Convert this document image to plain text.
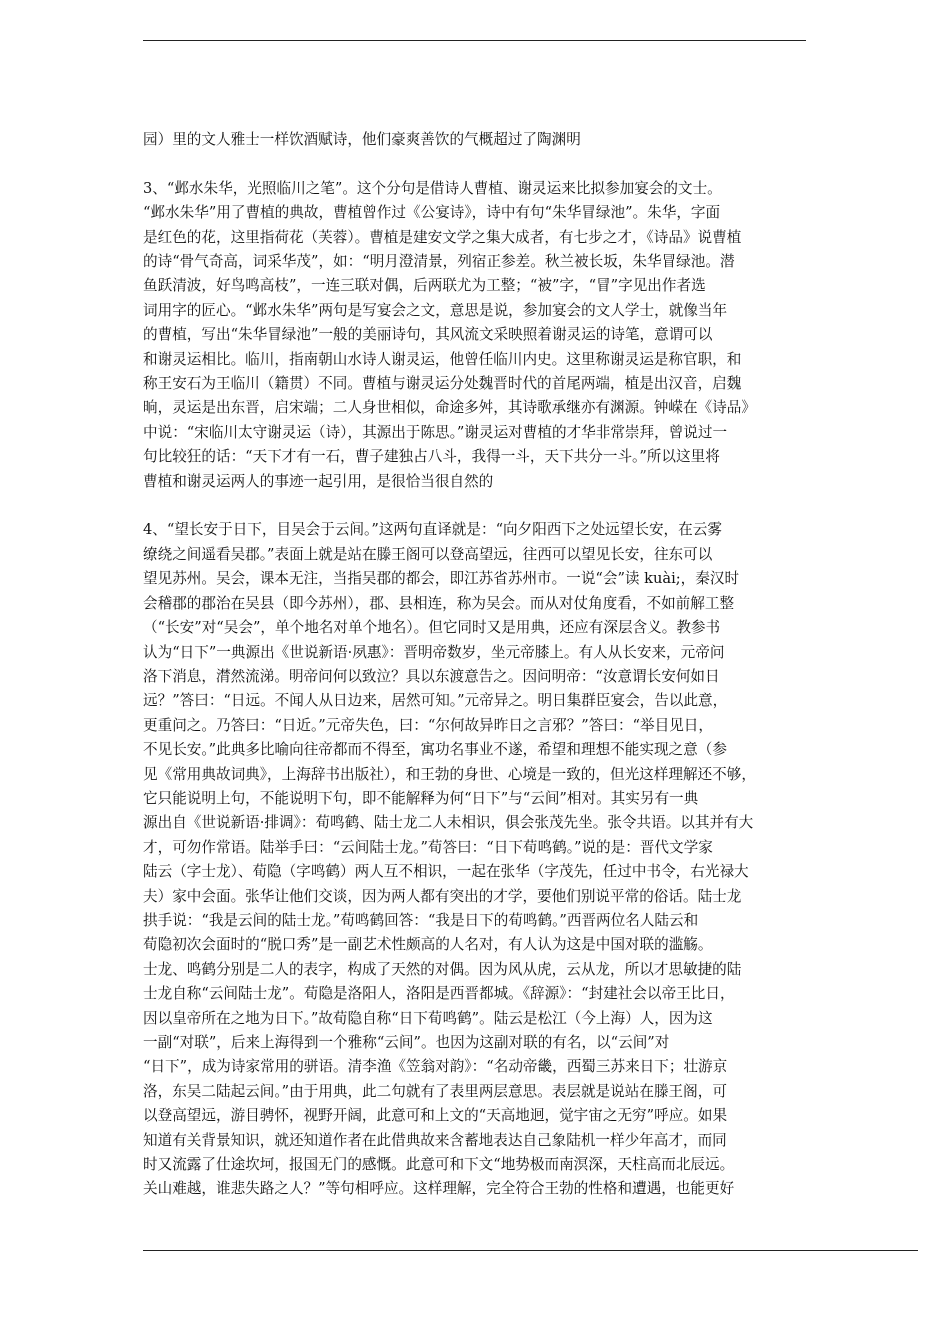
园）里的文人雅士一样饮酒赋诗，他们豪爽善饮的气概超过了陶渊明
3、“邺水朱华，光照临川之笔”。这个分句是借诗人曹植、谢灵运来比拟参加宴会的文士。
“邺水朱华”用了曹植的典故，曹植曾作过《公宴诗》，诗中有句“朱华冒绿池”。朱华，字面
是红色的花，这里指荷花（芙蓉）。曹植是建安文学之集大成者，有七步之才，《诗品》说曹植
的诗“骨气奇高，词采华茂”，如：“明月澄清景，列宿正参差。秋兰被长坂，朱华冒绿池。潜
鱼跃清波，好鸟鸣高枝”，一连三联对偶，后两联尤为工整；“被”字，“冒”字见出作者选
词用字的匠心。“邺水朱华”两句是写宴会之文，意思是说，参加宴会的文人学士，就像当年
的曹植，写出“朱华冒绿池”一般的美丽诗句，其风流文采映照着谢灵运的诗笔，意谓可以
和谢灵运相比。临川，指南朝山水诗人谢灵运，他曾任临川内史。这里称谢灵运是称官职，和
称王安石为王临川（籍贯）不同。曹植与谢灵运分处魏晋时代的首尾两端，植是出汉音，启魏
晌，灵运是出东晋，启宋端；二人身世相似，命途多舛，其诗歌承继亦有渊源。钟嵘在《诗品》
中说：“宋临川太守谢灵运（诗），其源出于陈思。”谢灵运对曹植的才华非常崇拜，曾说过一
句比较狂的话：“天下才有一石，曹子建独占八斗，我得一斗，天下共分一斗。”所以这里将
曹植和谢灵运两人的事迹一起引用，是很恰当很自然的
4、“望长安于日下，目吴会于云间。”这两句直译就是：“向夕阳西下之处远望长安，在云雾
缭绕之间遥看吴郡。”表面上就是站在滕王阁可以登高望远，往西可以望见长安，往东可以
望见苏州。吴会，课本无注，当指吴郡的都会，即江苏省苏州市。一说“会”读 kuài;，秦汉时
会稽郡的郡治在吴县（即今苏州），郡、县相连，称为吴会。而从对仗角度看，不如前解工整
（“长安”对“吴会”，单个地名对单个地名）。但它同时又是用典，还应有深层含义。教参书
认为“日下”一典源出《世说新语·夙惠》：晋明帝数岁，坐元帝膝上。有人从长安来，元帝问
洛下消息，潸然流涕。明帝问何以致泣？具以东渡意告之。因问明帝：“汝意谓长安何如日
远？”答曰：“日远。不闻人从日边来，居然可知。”元帝异之。明日集群臣宴会，告以此意，
更重问之。乃答曰：“日近。”元帝失色，曰：“尔何故异昨日之言邪？”答曰：“举目见日，
不见长安。”此典多比喻向往帝都而不得至，寓功名事业不遂，希望和理想不能实现之意（参
见《常用典故词典》，上海辞书出版社），和王勃的身世、心境是一致的，但光这样理解还不够，
它只能说明上句，不能说明下句，即不能解释为何“日下”与“云间”相对。其实另有一典
源出自《世说新语·排调》：荀鸣鹤、陆士龙二人未相识，俱会张茂先坐。张令共语。以其并有大
才，可勿作常语。陆举手曰：“云间陆士龙。”荀答曰：“日下荀鸣鹤。”说的是：晋代文学家
陆云（字士龙）、荀隐（字鸣鹤）两人互不相识，一起在张华（字茂先，任过中书令，右光禄大
夫）家中会面。张华让他们交谈，因为两人都有突出的才学，要他们别说平常的俗话。陆士龙
拱手说：“我是云间的陆士龙。”荀鸣鹤回答：“我是日下的荀鸣鹤。”西晋两位名人陆云和
荀隐初次会面时的“脱口秀”是一副艺术性颇高的人名对，有人认为这是中国对联的滥觞。
士龙、鸣鹤分别是二人的表字，构成了天然的对偶。因为风从虎，云从龙，所以才思敏捷的陆
士龙自称“云间陆士龙”。荀隐是洛阳人，洛阳是西晋都城。《辞源》：“封建社会以帝王比日，
因以皇帝所在之地为日下。”故荀隐自称“日下荀鸣鹤”。陆云是松江（今上海）人，因为这
一副“对联”，后来上海得到一个雅称“云间”。也因为这副对联的有名，以“云间”对
“日下”，成为诗家常用的骈语。清李渔《笠翁对韵》：“名动帝畿，西蜀三苏来日下；壮游京
洛，东吴二陆起云间。”由于用典，此二句就有了表里两层意思。表层就是说站在滕王阁，可
以登高望远，游目骋怀，视野开阔，此意可和上文的“天高地迥，觉宇宙之无穷”呼应。如果
知道有关背景知识，就还知道作者在此借典故来含蓄地表达自己象陆机一样少年高才，而同
时又流露了仕途坎坷，报国无门的感慨。此意可和下文“地势极而南溟深，天柱高而北辰远。
关山难越，谁悲失路之人？”等句相呼应。这样理解，完全符合王勃的性格和遭遇，也能更好
